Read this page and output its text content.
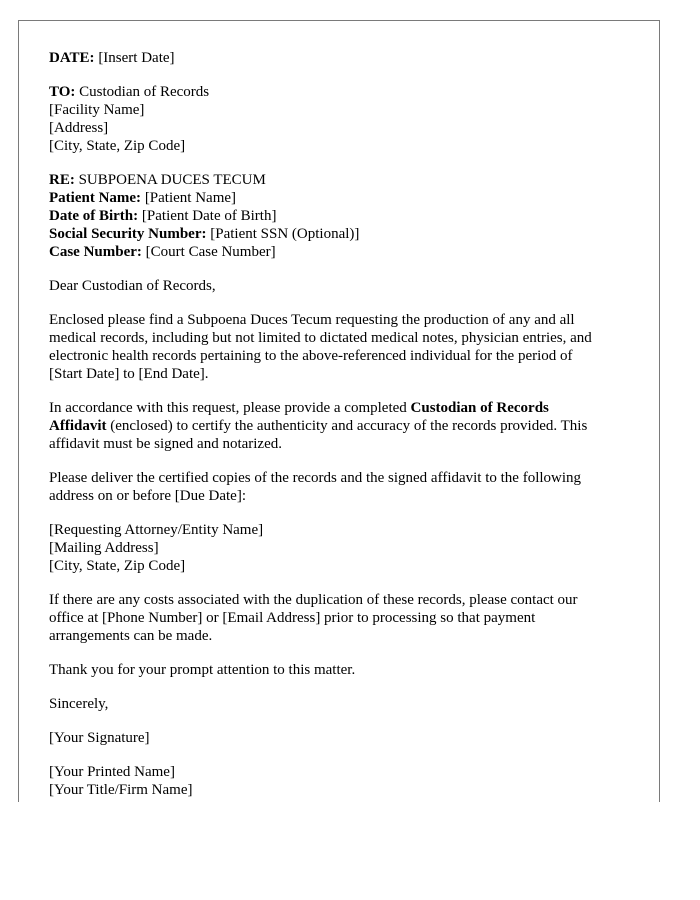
DATE: [Insert Date]

TO: Custodian of Records
[Facility Name]
[Address]
[City, State, Zip Code]

RE: SUBPOENA DUCES TECUM
Patient Name: [Patient Name]
Date of Birth: [Patient Date of Birth]
Social Security Number: [Patient SSN (Optional)]
Case Number: [Court Case Number]

Dear Custodian of Records,

Enclosed please find a Subpoena Duces Tecum requesting the production of any and all
medical records, including but not limited to dictated medical notes, physician entries, and
electronic health records pertaining to the above-referenced individual for the period of
[Start Date] to [End Date].

In accordance with this request, please provide a completed Custodian of Records
Affidavit (enclosed) to certify the authenticity and accuracy of the records provided. This
affidavit must be signed and notarized.

Please deliver the certified copies of the records and the signed affidavit to the following
address on or before [Due Date]:

[Requesting Attorney/Entity Name]
[Mailing Address]
[City, State, Zip Code]

If there are any costs associated with the duplication of these records, please contact our
office at [Phone Number] or [Email Address] prior to processing so that payment
arrangements can be made.

Thank you for your prompt attention to this matter.

Sincerely,

[Your Signature]

[Your Printed Name]
[Your Title/Firm Name]
